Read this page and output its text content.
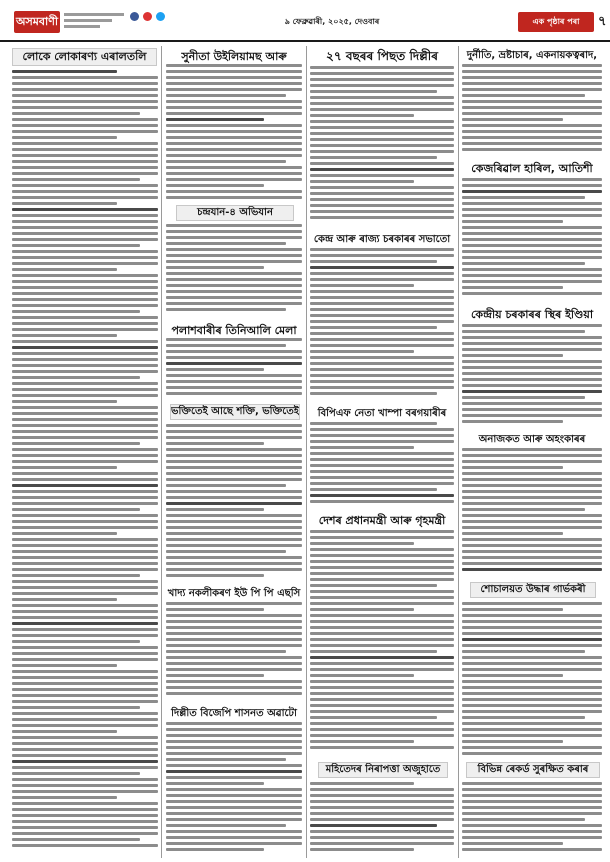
অসমবাণী	৯ ফেব্ৰুৱাৰী, ২০২৫, দেওবাৰ	এক পৃষ্ঠাৰ পৰা	৭
লোকে লোকাৰণ্য এৰালতলি	সুনীতা উইলিয়ামছ আৰু
চন্দ্ৰযান-৪ অভিযান
পলাশবাৰীৰ তিনিআলি মেলা
ভক্তিতেই আছে শক্তি, ভক্তিতেই
খাদ্য নকলীকৰণ ইউ পি পি এছসি
দিল্লীত বিজেপি শাসনত অৱাটো
২৭ বছৰৰ পিছত দিল্লীৰ
কেন্দ্ৰ আৰু ৰাজ্য চৰকাৰৰ সভাতো
বিপিএফ নেতা খাম্পা বৰগয়াৰীৰ
দেশৰ প্ৰধানমন্ত্ৰী আৰু গৃহমন্ত্ৰী
মহিতেদৰ নিৰাপত্তা অজুহাতে
দুৰ্নীতি, ভ্ৰষ্টাচাৰ, একনায়কত্বৰাদ,
কেজৰিৱাল হাৰিল, আতিশী
কেন্দ্ৰীয় চৰকাৰৰ স্থিৰ ইণ্ডিয়া
অনাজকত আৰু অহংকাৰৰ
শোচালয়ত উদ্ধাৰ গাৰ্ভকৰী
বিভিন্ন ৰেকৰ্ড সুৰক্ষিত কৰাৰ
